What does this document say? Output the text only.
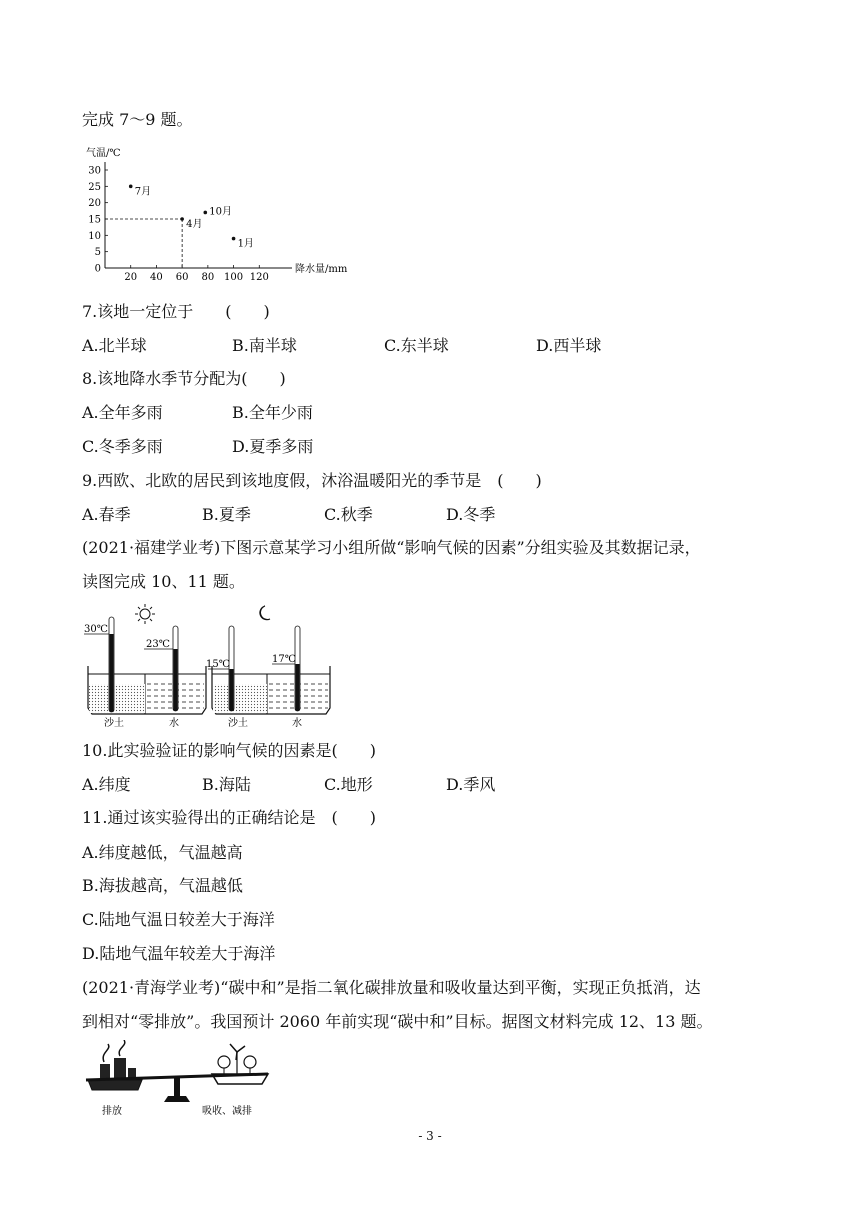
完成 7～9 题。
气温/℃
0
5
10
15
20
25
30
20 40 60 80 100 120
7月
4月
10月
1月
降水量/mm
7.该地一定位于　　(　　)
A.北半球	B.南半球	C.东半球	D.西半球
8.该地降水季节分配为(　　)
A.全年多雨	B.全年少雨
C.冬季多雨	D.夏季多雨
9.西欧、北欧的居民到该地度假，沐浴温暖阳光的季节是　(　　)
A.春季	B.夏季	C.秋季	D.冬季
(2021·福建学业考)下图示意某学习小组所做“影响气候的因素”分组实验及其数据记录，
读图完成 10、11 题。
30℃
23℃
沙土	水
15℃	17℃
沙土	水
10.此实验验证的影响气候的因素是(　　)
A.纬度	B.海陆	C.地形	D.季风
11.通过该实验得出的正确结论是　(　　)
A.纬度越低，气温越高
B.海拔越高，气温越低
C.陆地气温日较差大于海洋
D.陆地气温年较差大于海洋
(2021·青海学业考)“碳中和”是指二氧化碳排放量和吸收量达到平衡，实现正负抵消，达
到相对“零排放”。我国预计 2060 年前实现“碳中和”目标。据图文材料完成 12、13 题。
排放	吸收、减排
- 3 -
